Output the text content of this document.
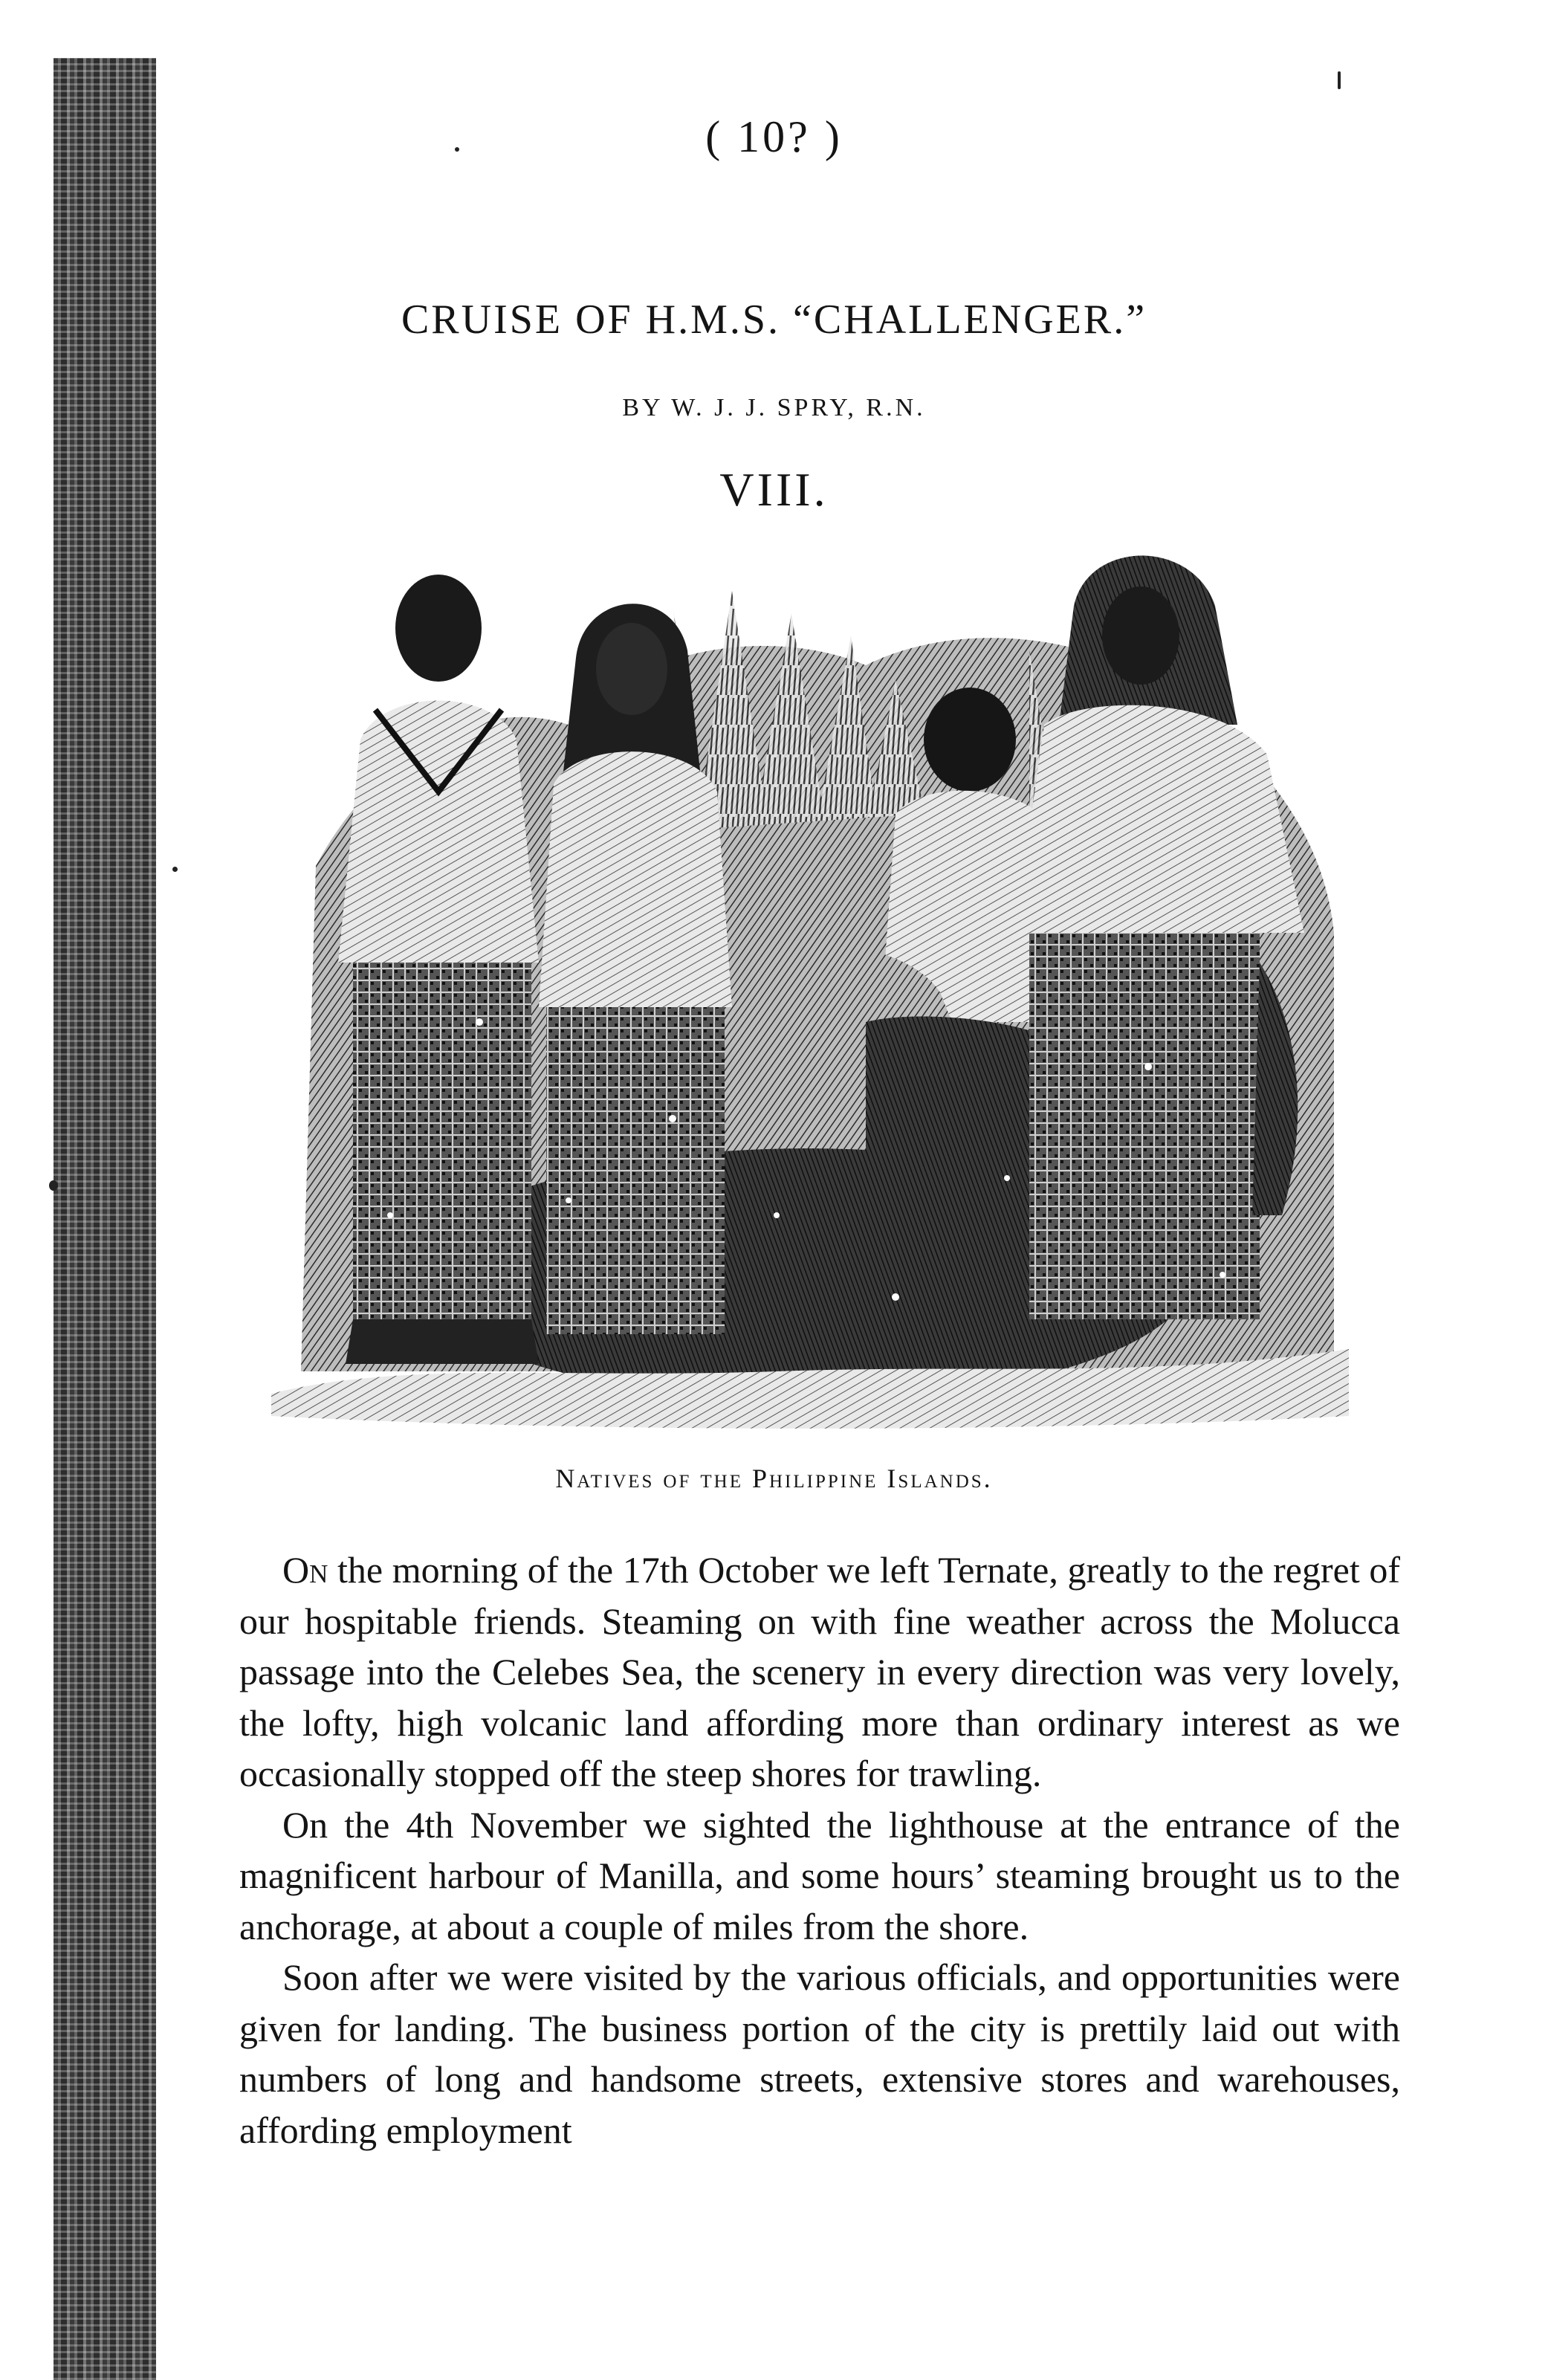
( 10? )
CRUISE OF H.M.S. “CHALLENGER.”
BY W. J. J. SPRY, R.N.
VIII.
Natives of the Philippine Islands.

On the morning of the 17th October we left Ternate, greatly to the regret of our hospitable friends. Steaming on with fine weather across the Molucca passage into the Celebes Sea, the scenery in every direction was very lovely, the lofty, high volcanic land affording more than ordinary interest as we occasionally stopped off the steep shores for trawling.

On the 4th November we sighted the lighthouse at the entrance of the magnificent harbour of Manilla, and some hours’ steaming brought us to the anchorage, at about a couple of miles from the shore.

Soon after we were visited by the various officials, and opportunities were given for landing. The business portion of the city is prettily laid out with numbers of long and handsome streets, extensive stores and warehouses, affording employment
